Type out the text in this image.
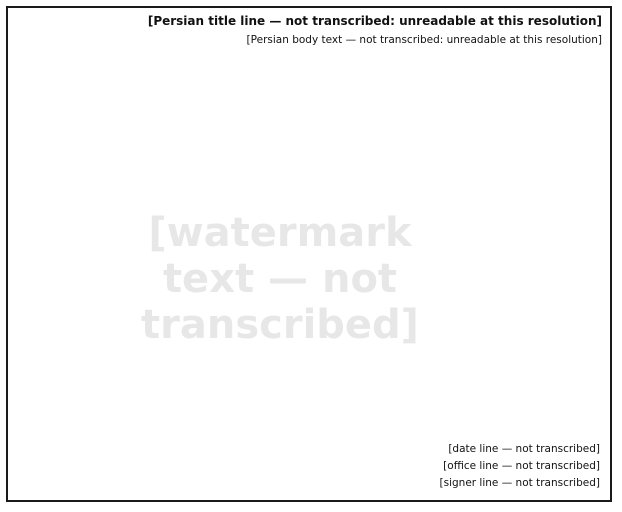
[Persian title line — not transcribed: unreadable at this resolution]

[Persian body text — not transcribed: unreadable at this resolution]

[date line — not transcribed]
[office line — not transcribed]
[signer line — not transcribed]
[watermark text — not transcribed]
